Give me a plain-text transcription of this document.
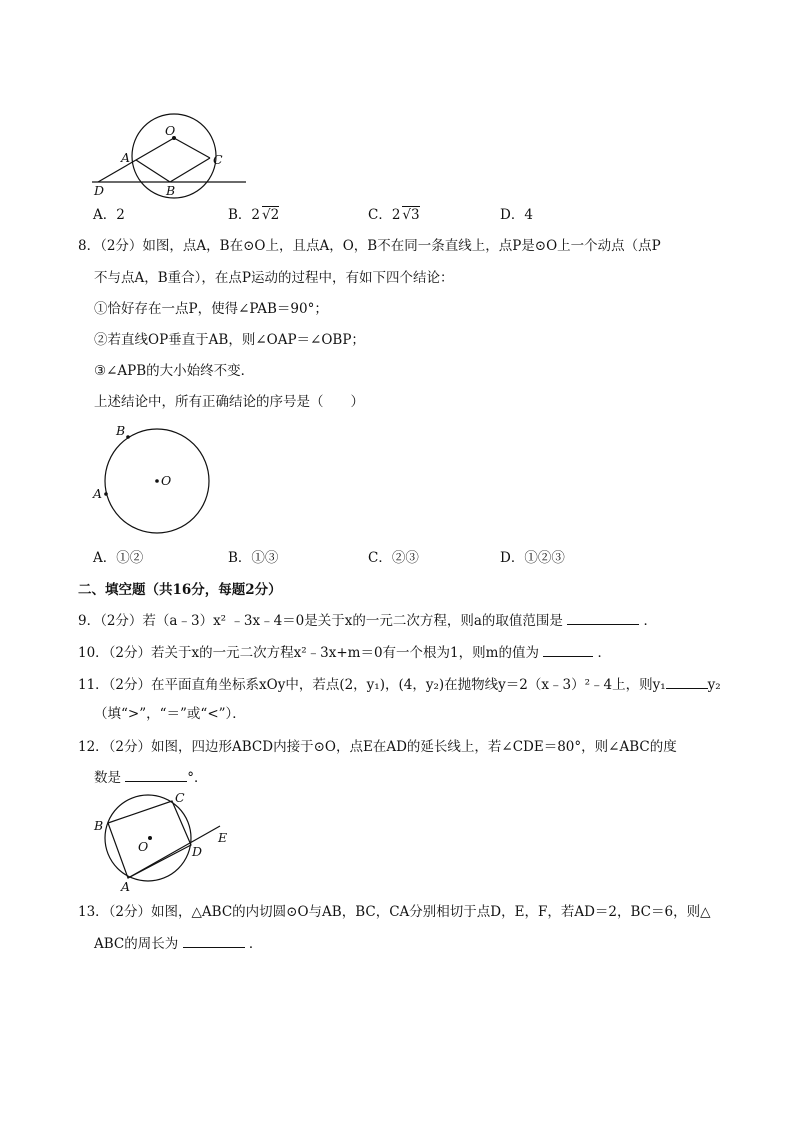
O
A	C
D	B
A．2	B．2 √2	C．2 √3	D．4
8．（2分）如图，点A，B在⊙O上，且点A，O，B不在同一条直线上，点P是⊙O上一个动点（点P
不与点A，B重合），在点P运动的过程中，有如下四个结论：
①恰好存在一点P，使得∠PAB＝90°；
②若直线OP垂直于AB，则∠OAP＝∠OBP；
③∠APB的大小始终不变．
上述结论中，所有正确结论的序号是（　　）
B
A
O
A．①②	B．①③	C．②③	D．①②③
二、填空题（共16分，每题2分）
9．（2分）若（a﹣3）x² ﹣3x﹣4＝0是关于x的一元二次方程，则a的取值范围是	．
10．（2分）若关于x的一元二次方程x²﹣3x+m＝0有一个根为1，则m的值为	．
11．（2分）在平面直角坐标系xOy中，若点(2，y₁)，(4，y₂)在抛物线y＝2（x﹣3）²﹣4上，则y₁	y₂
（填“>”，“＝”或“<”）．
12．（2分）如图，四边形ABCD内接于⊙O，点E在AD的延长线上，若∠CDE＝80°，则∠ABC的度
数是	°．
C
B
E
O	D
A
13．（2分）如图，△ABC的内切圆⊙O与AB，BC，CA分别相切于点D，E，F，若AD＝2，BC＝6，则△
ABC的周长为	．
